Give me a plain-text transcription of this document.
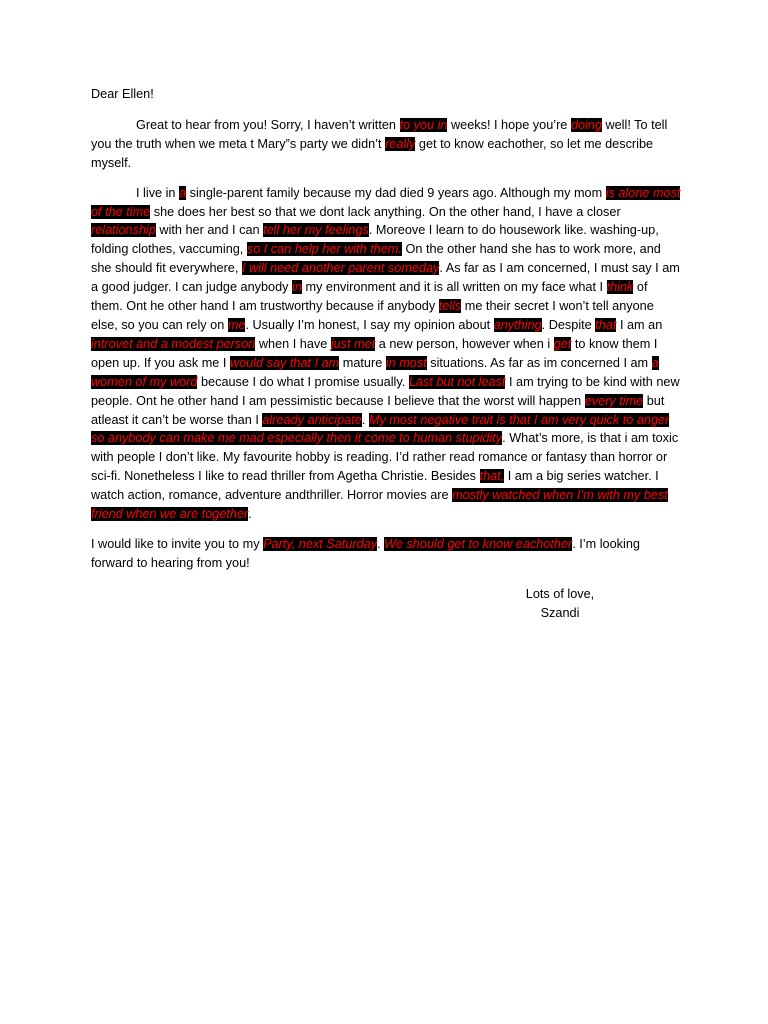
Dear Ellen!

Great to hear from you! Sorry, I haven’t written to you in weeks! I hope you’re doing well! To tell you the truth when we meta t Mary”s party we didn’t really get to know eachother, so let me describe myself.

I live in a single-parent family because my dad died 9 years ago. Although my mom is alone most of the time she does her best so that we dont lack anything. On the other hand, I have a closer relationship with her and I can tell her my feelings. Moreove I learn to do housework like. washing-up, folding clothes, vaccuming, so I can help her with them. On the other hand she has to work more, and she should fit everywhere, I will need another parent someday. As far as I am concerned, I must say I am a good judger. I can judge anybody in my environment and it is all written on my face what I think of them. Ont he other hand I am trustworthy because if anybody tells me their secret I won’t tell anyone else, so you can rely on me. Usually I’m honest, I say my opinion about anything. Despite that I am an introvet and a modest person when I have just met a new person, however when i get to know them I open up. If you ask me I would say that I am mature in most situations. As far as im concerned I am a women of my word because I do what I promise usually. Last but not least I am trying to be kind with new people. Ont he other hand I am pessimistic because I believe that the worst will happen every time but atleast it can’t be worse than I already anticipate. My most negative trait is that I am very quick to anger so anybody can make me mad especially then it come to human stupidity. What’s more, is that i am toxic with people I don’t like. My favourite hobby is reading. I’d rather read romance or fantasy than horror or sci-fi. Nonetheless I like to read thriller from Agetha Christie. Besides that, I am a big series watcher. I watch action, romance, adventure andthriller. Horror movies are mostly watched when I’m with my best friend when we are together.

I would like to invite you to my Party, next Saturday. We should get to know eachother. I’m looking forward to hearing from you!

Lots of love,
Szandi
